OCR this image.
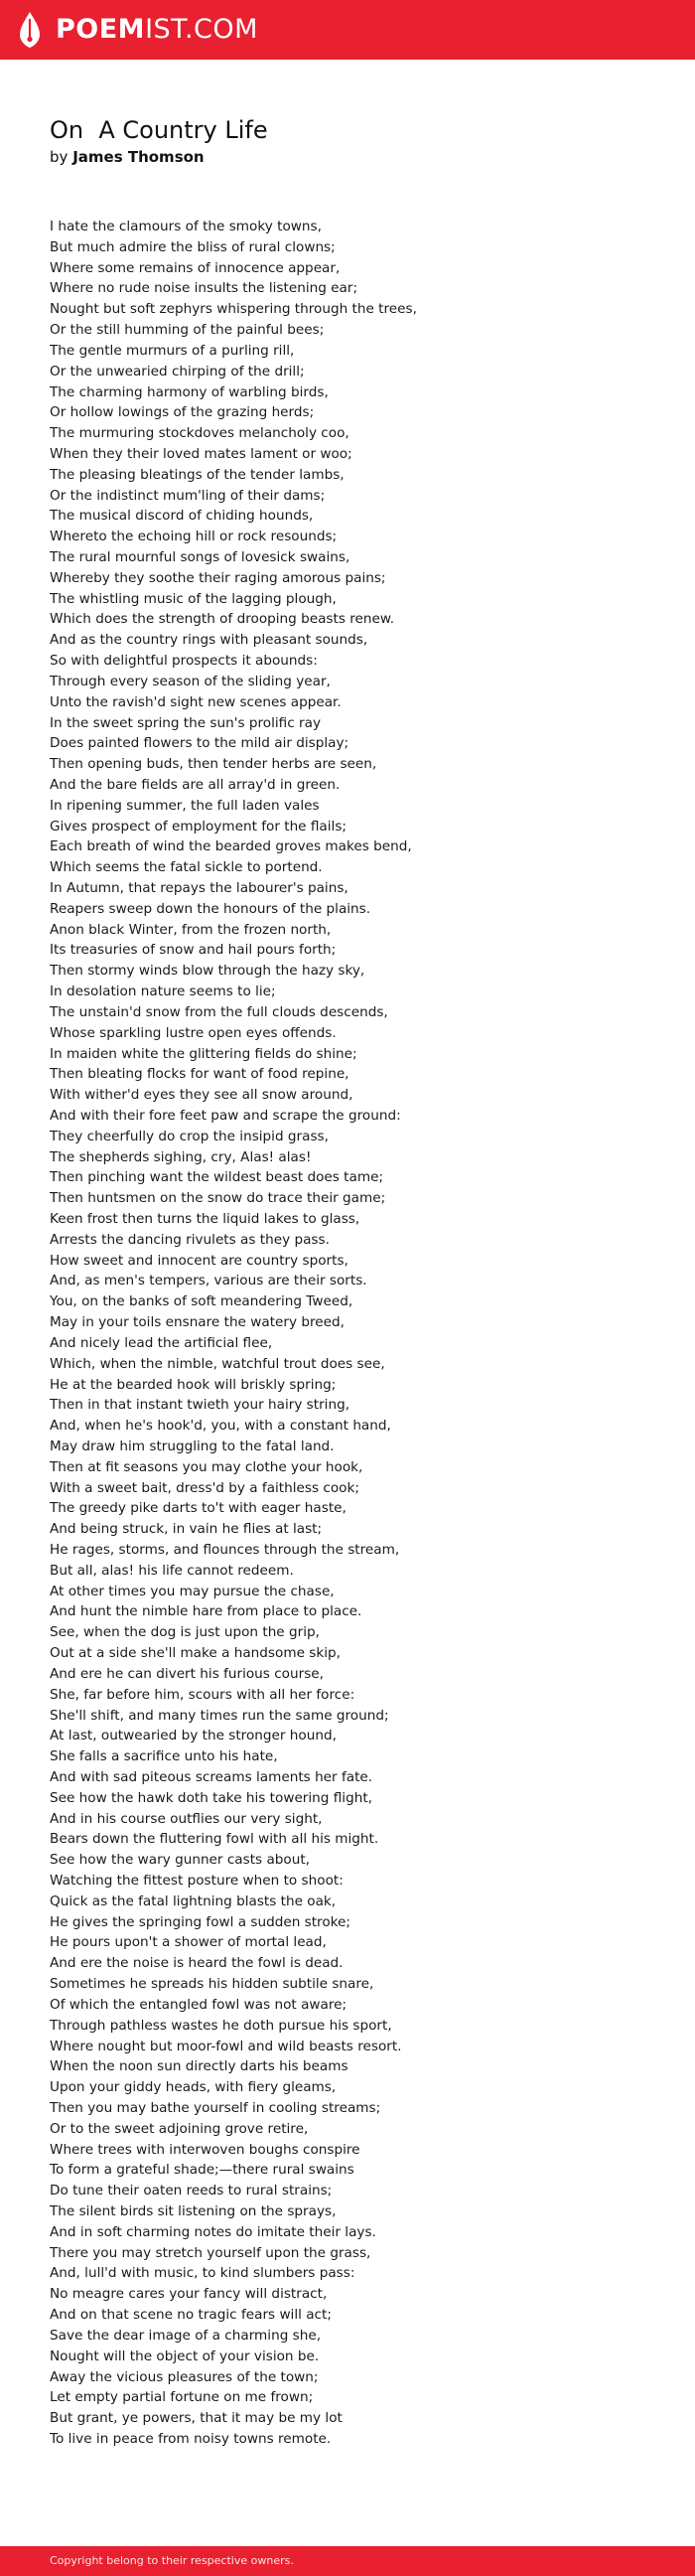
POEMIST.COM
On  A Country Life
by James Thomson
I hate the clamours of the smoky towns,
But much admire the bliss of rural clowns;
Where some remains of innocence appear,
Where no rude noise insults the listening ear;
Nought but soft zephyrs whispering through the trees,
Or the still humming of the painful bees;
The gentle murmurs of a purling rill,
Or the unwearied chirping of the drill;
The charming harmony of warbling birds,
Or hollow lowings of the grazing herds;
The murmuring stockdoves melancholy coo,
When they their loved mates lament or woo;
The pleasing bleatings of the tender lambs,
Or the indistinct mum'ling of their dams;
The musical discord of chiding hounds,
Whereto the echoing hill or rock resounds;
The rural mournful songs of lovesick swains,
Whereby they soothe their raging amorous pains;
The whistling music of the lagging plough,
Which does the strength of drooping beasts renew.
And as the country rings with pleasant sounds,
So with delightful prospects it abounds:
Through every season of the sliding year,
Unto the ravish'd sight new scenes appear.
In the sweet spring the sun's prolific ray
Does painted flowers to the mild air display;
Then opening buds, then tender herbs are seen,
And the bare fields are all array'd in green.
In ripening summer, the full laden vales
Gives prospect of employment for the flails;
Each breath of wind the bearded groves makes bend,
Which seems the fatal sickle to portend.
In Autumn, that repays the labourer's pains,
Reapers sweep down the honours of the plains.
Anon black Winter, from the frozen north,
Its treasuries of snow and hail pours forth;
Then stormy winds blow through the hazy sky,
In desolation nature seems to lie;
The unstain'd snow from the full clouds descends,
Whose sparkling lustre open eyes offends.
In maiden white the glittering fields do shine;
Then bleating flocks for want of food repine,
With wither'd eyes they see all snow around,
And with their fore feet paw and scrape the ground:
They cheerfully do crop the insipid grass,
The shepherds sighing, cry, Alas! alas!
Then pinching want the wildest beast does tame;
Then huntsmen on the snow do trace their game;
Keen frost then turns the liquid lakes to glass,
Arrests the dancing rivulets as they pass.
How sweet and innocent are country sports,
And, as men's tempers, various are their sorts.
You, on the banks of soft meandering Tweed,
May in your toils ensnare the watery breed,
And nicely lead the artificial flee,
Which, when the nimble, watchful trout does see,
He at the bearded hook will briskly spring;
Then in that instant twieth your hairy string,
And, when he's hook'd, you, with a constant hand,
May draw him struggling to the fatal land.
Then at fit seasons you may clothe your hook,
With a sweet bait, dress'd by a faithless cook;
The greedy pike darts to't with eager haste,
And being struck, in vain he flies at last;
He rages, storms, and flounces through the stream,
But all, alas! his life cannot redeem.
At other times you may pursue the chase,
And hunt the nimble hare from place to place.
See, when the dog is just upon the grip,
Out at a side she'll make a handsome skip,
And ere he can divert his furious course,
She, far before him, scours with all her force:
She'll shift, and many times run the same ground;
At last, outwearied by the stronger hound,
She falls a sacrifice unto his hate,
And with sad piteous screams laments her fate.
See how the hawk doth take his towering flight,
And in his course outflies our very sight,
Bears down the fluttering fowl with all his might.
See how the wary gunner casts about,
Watching the fittest posture when to shoot:
Quick as the fatal lightning blasts the oak,
He gives the springing fowl a sudden stroke;
He pours upon't a shower of mortal lead,
And ere the noise is heard the fowl is dead.
Sometimes he spreads his hidden subtile snare,
Of which the entangled fowl was not aware;
Through pathless wastes he doth pursue his sport,
Where nought but moor-fowl and wild beasts resort.
When the noon sun directly darts his beams
Upon your giddy heads, with fiery gleams,
Then you may bathe yourself in cooling streams;
Or to the sweet adjoining grove retire,
Where trees with interwoven boughs conspire
To form a grateful shade;—there rural swains
Do tune their oaten reeds to rural strains;
The silent birds sit listening on the sprays,
And in soft charming notes do imitate their lays.
There you may stretch yourself upon the grass,
And, lull'd with music, to kind slumbers pass:
No meagre cares your fancy will distract,
And on that scene no tragic fears will act;
Save the dear image of a charming she,
Nought will the object of your vision be.
Away the vicious pleasures of the town;
Let empty partial fortune on me frown;
But grant, ye powers, that it may be my lot
To live in peace from noisy towns remote.
Copyright belong to their respective owners.
